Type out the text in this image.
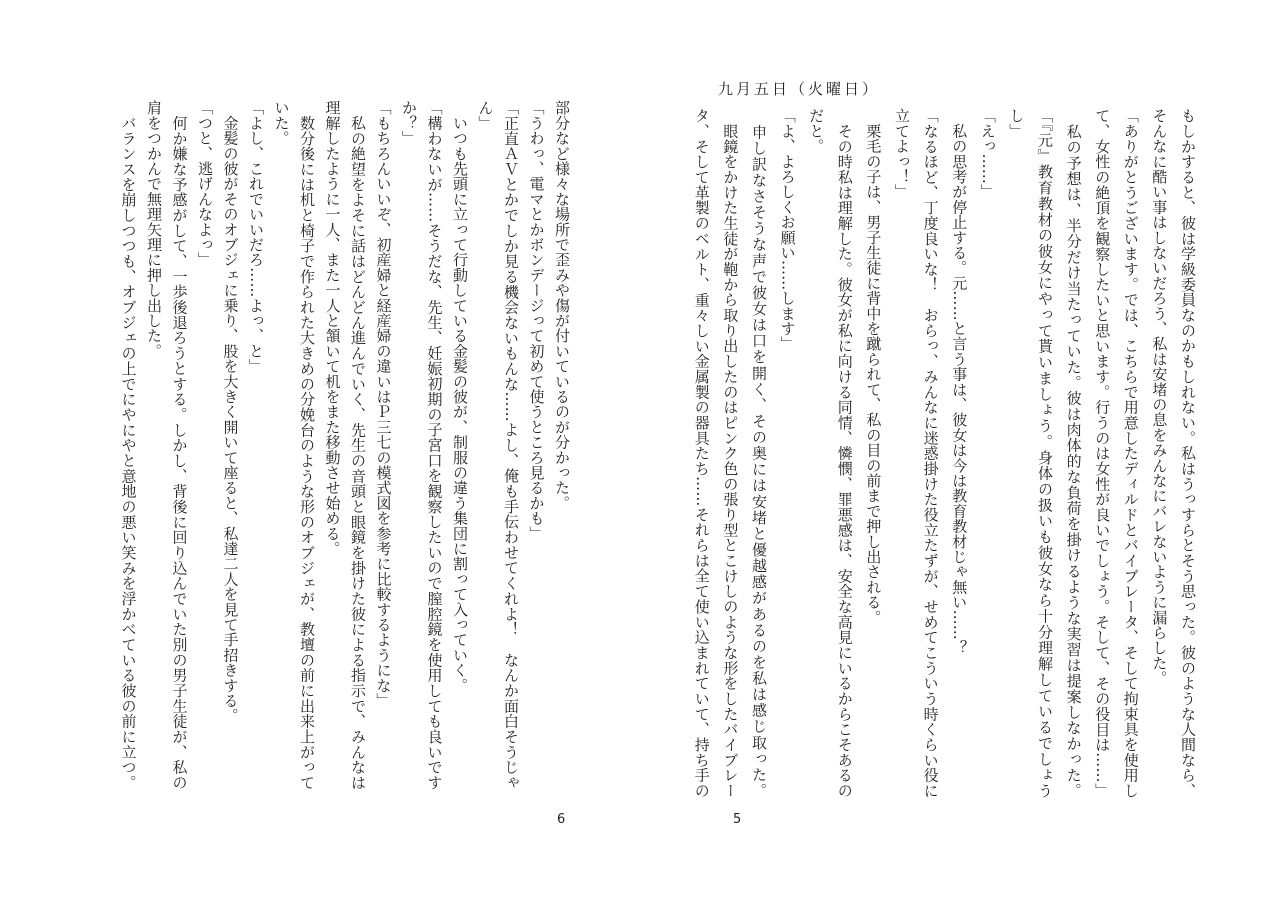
部分など様々な場所で歪みや傷が付いているのが分かった。
「うわっ、電マとかボンデージって初めて使うところ見るかも」
「正直ＡＶとかでしか見る機会ないもんな……よし、俺も手伝わせてくれよ！　なんか面白そうじゃ
ん」
　いつも先頭に立って行動している金髪の彼が、制服の違う集団に割って入っていく。
「構わないが……そうだな、先生、妊娠初期の子宮口を観察したいので膣腔鏡を使用しても良いです
か？」
「もちろんいいぞ、初産婦と経産婦の違いはＰ三七の模式図を参考に比較するようにな」
　私の絶望をよそに話はどんどん進んでいく、先生の音頭と眼鏡を掛けた彼による指示で、みんなは
理解したように一人、また一人と頷いて机をまた移動させ始める。
　数分後には机と椅子で作られた大きめの分娩台のような形のオブジェが、教壇の前に出来上がって
いた。
「よし、これでいいだろ……よっ、と」
　金髪の彼がそのオブジェに乗り、股を大きく開いて座ると、私達二人を見て手招きする。
「つと、逃げんなよっ」
　何か嫌な予感がして、一歩後退ろうとする。しかし、背後に回り込んでいた別の男子生徒が、私の
肩をつかんで無理矢理に押し出した。
　バランスを崩しつつも、オブジェの上でにやにやと意地の悪い笑みを浮かべている彼の前に立つ。
6
九月五日（火曜日）
もしかすると、彼は学級委員なのかもしれない。私はうっすらとそう思った。彼のような人間なら、
そんなに酷い事はしないだろう、私は安堵の息をみんなにバレないように漏らした。
「ありがとうございます。では、こちらで用意したディルドとバイブレータ、そして拘束具を使用し
て、女性の絶頂を観察したいと思います。行うのは女性が良いでしょう。そして、その役目は……」
　私の予想は、半分だけ当たっていた。彼は肉体的な負荷を掛けるような実習は提案しなかった。
「『元』教育教材の彼女にやって貰いましょう。身体の扱いも彼女なら十分理解しているでしょう
し」
「えっ……」
　私の思考が停止する。元……と言う事は、彼女は今は教育教材じゃ無い……？
「なるほど、丁度良いな！　おらっ、みんなに迷惑掛けた役立たずが、せめてこういう時くらい役に
立てよっ！」
　栗毛の子は、男子生徒に背中を蹴られて、私の目の前まで押し出される。
　その時私は理解した。彼女が私に向ける同情、憐憫、罪悪感は、安全な高見にいるからこそあるの
だと。
「よ、よろしくお願い……します」
　申し訳なさそうな声で彼女は口を開く、その奥には安堵と優越感があるのを私は感じ取った。
　眼鏡をかけた生徒が鞄から取り出したのはピンク色の張り型とこけしのような形をしたバイブレー
タ、そして革製のベルト、重々しい金属製の器具たち……それらは全て使い込まれていて、持ち手の
5
